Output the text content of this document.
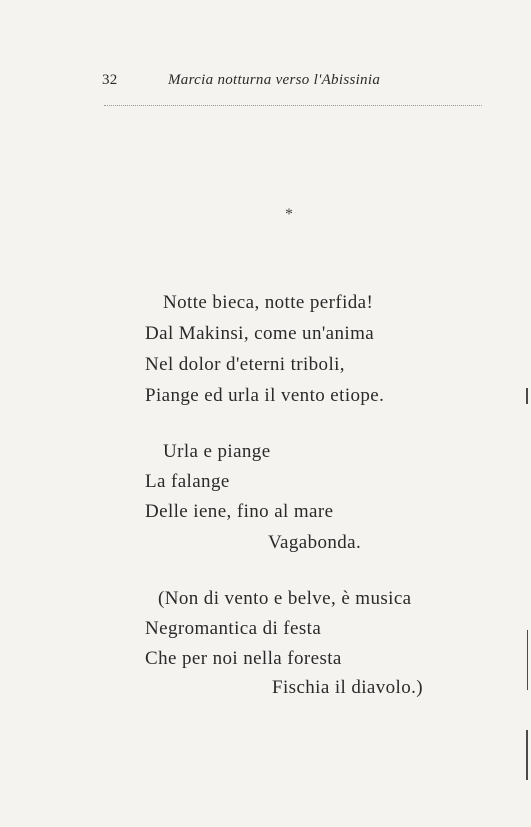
32	Marcia notturna verso l'Abissinia
*
Notte bieca, notte perfida!
Dal Makinsi, come un'anima
Nel dolor d'eterni triboli,
Piange ed urla il vento etiope.
Urla e piange
La falange
Delle iene, fino al mare
Vagabonda.
(Non di vento e belve, è musica
Negromantica di festa
Che per noi nella foresta
Fischia il diavolo.)
